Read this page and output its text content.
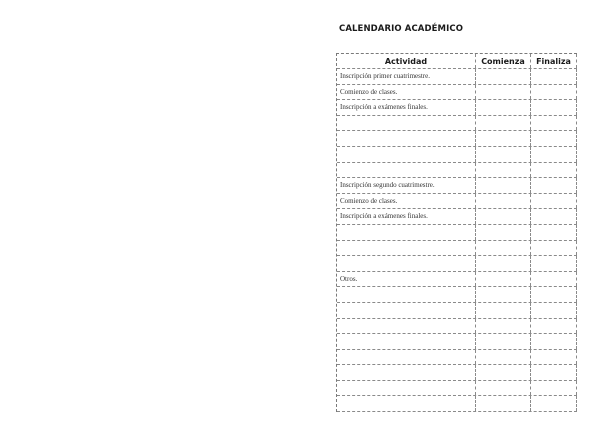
CALENDARIO ACADÉMICO
Actividad	Comienza	Finaliza
Inscripción primer cuatrimestre.
Comienzo de clases.
Inscripción a exámenes finales.
Inscripción segundo cuatrimestre.
Comienzo de clases.
Inscripción a exámenes finales.
Otros.
